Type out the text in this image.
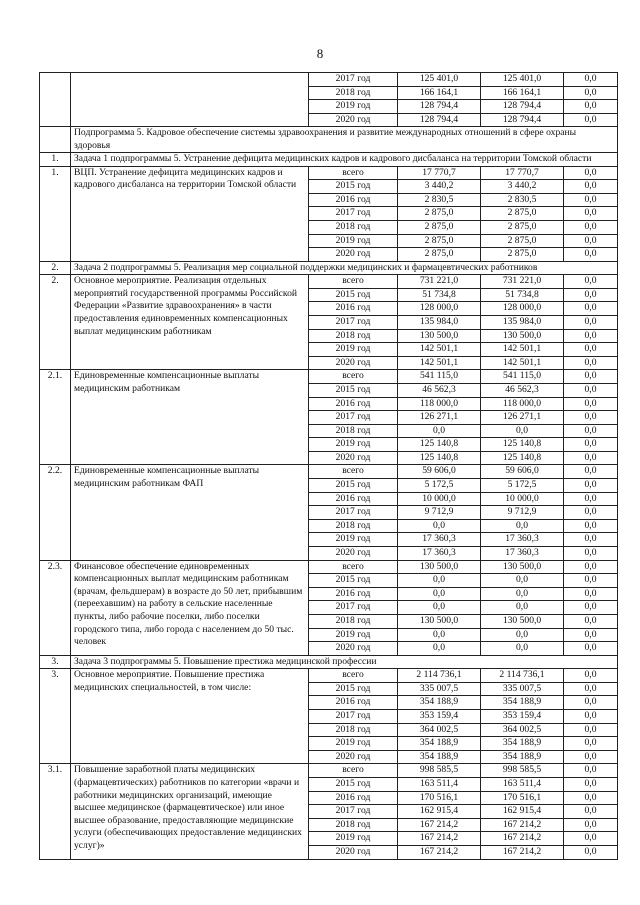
8
		2017 год	125 401,0	125 401,0	0,0
		2018 год	166 164,1	166 164,1	0,0
		2019 год	128 794,4	128 794,4	0,0
		2020 год	128 794,4	128 794,4	0,0
	Подпрограмма 5. Кадровое обеспечение системы здравоохранения и развитие международных отношений в сфере охраны здоровья				
1.	Задача 1 подпрограммы 5. Устранение дефицита медицинских кадров и кадрового дисбаланса на территории Томской области				
1.	ВЦП. Устранение дефицита медицинских кадров и кадрового дисбаланса на территории Томской области	всего	17 770,7	17 770,7	0,0
		2015 год	3 440,2	3 440,2	0,0
		2016 год	2 830,5	2 830,5	0,0
		2017 год	2 875,0	2 875,0	0,0
		2018 год	2 875,0	2 875,0	0,0
		2019 год	2 875,0	2 875,0	0,0
		2020 год	2 875,0	2 875,0	0,0
2.	Задача 2 подпрограммы 5. Реализация мер социальной поддержки медицинских и фармацевтических работников				
2.	Основное мероприятие. Реализация отдельных мероприятий государственной программы Российской Федерации «Развитие здравоохранения» в части предоставления единовременных компенсационных выплат медицинским работникам	всего	731 221,0	731 221,0	0,0
		2015 год	51 734,8	51 734,8	0,0
		2016 год	128 000,0	128 000,0	0,0
		2017 год	135 984,0	135 984,0	0,0
		2018 год	130 500,0	130 500,0	0,0
		2019 год	142 501,1	142 501,1	0,0
		2020 год	142 501,1	142 501,1	0,0
2.1.	Единовременные компенсационные выплаты медицинским работникам	всего	541 115,0	541 115,0	0,0
		2015 год	46 562,3	46 562,3	0,0
		2016 год	118 000,0	118 000,0	0,0
		2017 год	126 271,1	126 271,1	0,0
		2018 год	0,0	0,0	0,0
		2019 год	125 140,8	125 140,8	0,0
		2020 год	125 140,8	125 140,8	0,0
2.2.	Единовременные компенсационные выплаты медицинским работникам ФАП	всего	59 606,0	59 606,0	0,0
		2015 год	5 172,5	5 172,5	0,0
		2016 год	10 000,0	10 000,0	0,0
		2017 год	9 712,9	9 712,9	0,0
		2018 год	0,0	0,0	0,0
		2019 год	17 360,3	17 360,3	0,0
		2020 год	17 360,3	17 360,3	0,0
2.3.	Финансовое обеспечение единовременных компенсационных выплат медицинским работникам (врачам, фельдшерам) в возрасте до 50 лет, прибывшим (переехавшим) на работу в сельские населенные пункты, либо рабочие поселки, либо поселки городского типа, либо города с населением до 50 тыс. человек	всего	130 500,0	130 500,0	0,0
		2015 год	0,0	0,0	0,0
		2016 год	0,0	0,0	0,0
		2017 год	0,0	0,0	0,0
		2018 год	130 500,0	130 500,0	0,0
		2019 год	0,0	0,0	0,0
		2020 год	0,0	0,0	0,0
3.	Задача 3 подпрограммы 5. Повышение престижа медицинской профессии				
3.	Основное мероприятие. Повышение престижа медицинских специальностей, в том числе:	всего	2 114 736,1	2 114 736,1	0,0
		2015 год	335 007,5	335 007,5	0,0
		2016 год	354 188,9	354 188,9	0,0
		2017 год	353 159,4	353 159,4	0,0
		2018 год	364 002,5	364 002,5	0,0
		2019 год	354 188,9	354 188,9	0,0
		2020 год	354 188,9	354 188,9	0,0
3.1.	Повышение заработной платы медицинских (фармацевтических) работников по категории «врачи и работники медицинских организаций, имеющие высшее медицинское (фармацевтическое) или иное высшее образование, предоставляющие медицинские услуги (обеспечивающих предоставление медицинских услуг)»	всего	998 585,5	998 585,5	0,0
		2015 год	163 511,4	163 511,4	0,0
		2016 год	170 516,1	170 516,1	0,0
		2017 год	162 915,4	162 915,4	0,0
		2018 год	167 214,2	167 214,2	0,0
		2019 год	167 214,2	167 214,2	0,0
		2020 год	167 214,2	167 214,2	0,0
